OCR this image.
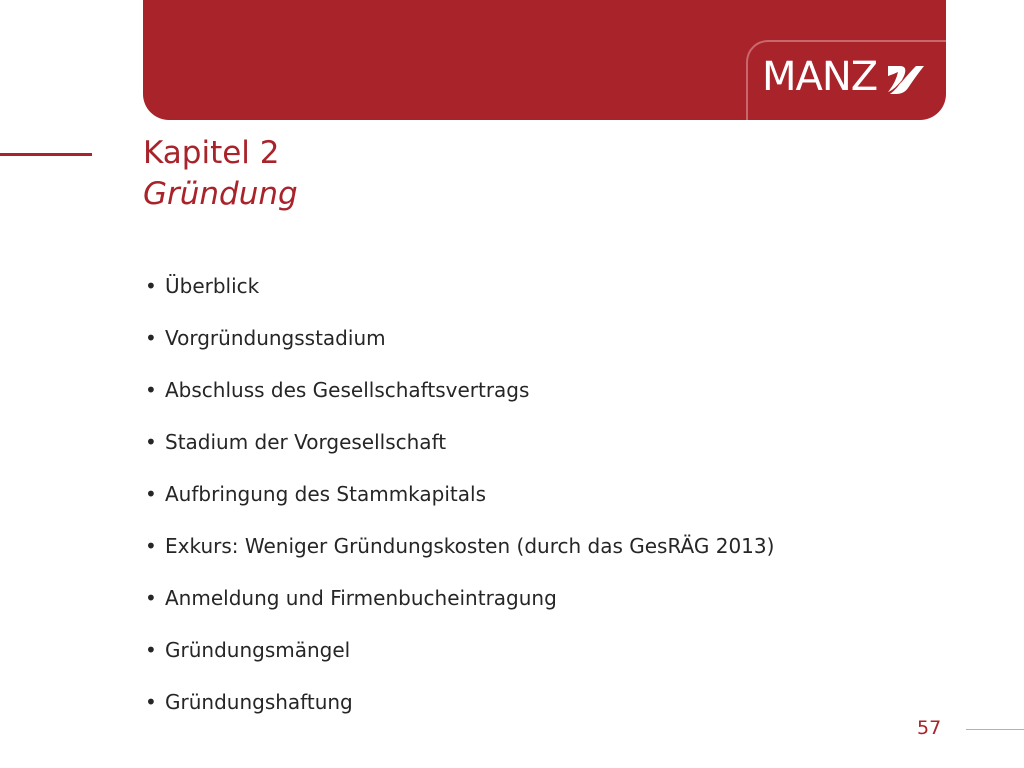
MANZ
Kapitel 2
Gründung
• Überblick
• Vorgründungsstadium
• Abschluss des Gesellschaftsvertrags
• Stadium der Vorgesellschaft
• Aufbringung des Stammkapitals
• Exkurs: Weniger Gründungskosten (durch das GesRÄG 2013)
• Anmeldung und Firmenbucheintragung
• Gründungsmängel
• Gründungshaftung
57
